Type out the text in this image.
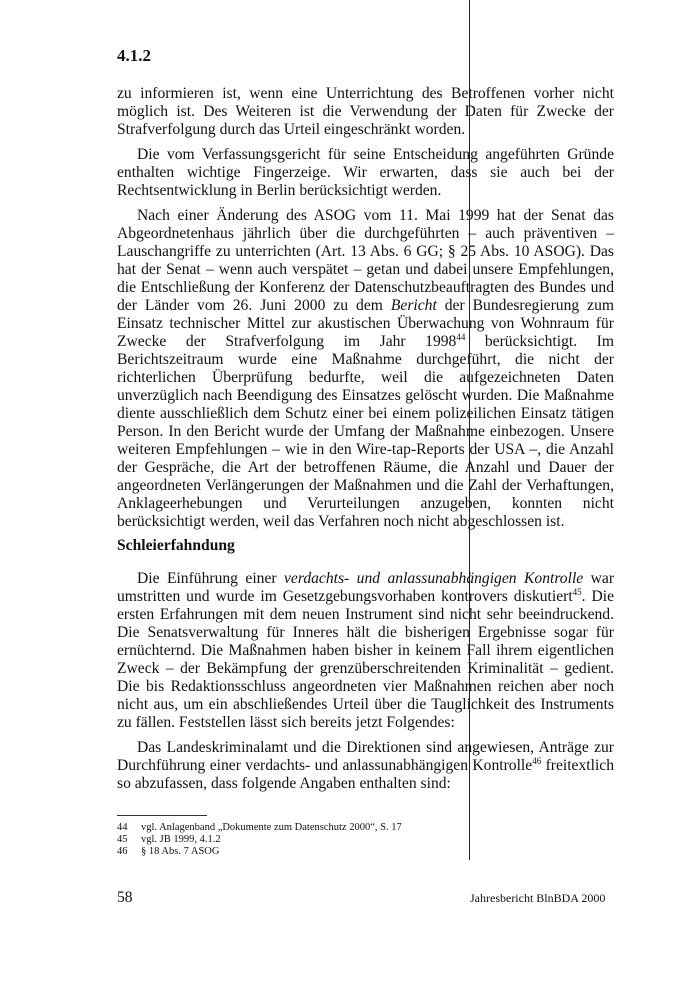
4.1.2

zu informieren ist, wenn eine Unterrichtung des Betroffenen vorher nicht möglich ist. Des Weiteren ist die Verwendung der Daten für Zwecke der Strafverfolgung durch das Urteil eingeschränkt worden.

Die vom Verfassungsgericht für seine Entscheidung angeführten Gründe enthalten wichtige Fingerzeige. Wir erwarten, dass sie auch bei der Rechtsentwicklung in Berlin berücksichtigt werden.

Nach einer Änderung des ASOG vom 11. Mai 1999 hat der Senat das Abgeordnetenhaus jährlich über die durchgeführten – auch präventiven – Lauschangriffe zu unterrichten (Art. 13 Abs. 6 GG; § 25 Abs. 10 ASOG). Das hat der Senat – wenn auch verspätet – getan und dabei unsere Empfehlungen, die Entschließung der Konferenz der Datenschutzbeauftragten des Bundes und der Länder vom 26. Juni 2000 zu dem Bericht der Bundesregierung zum Einsatz technischer Mittel zur akustischen Überwachung von Wohnraum für Zwecke der Strafverfolgung im Jahr 1998$^{44}$ berücksichtigt. Im Berichtszeitraum wurde eine Maßnahme durchgeführt, die nicht der richterlichen Überprüfung bedurfte, weil die aufgezeichneten Daten unverzüglich nach Beendigung des Einsatzes gelöscht wurden. Die Maßnahme diente ausschließlich dem Schutz einer bei einem polizeilichen Einsatz tätigen Person. In den Bericht wurde der Umfang der Maßnahme einbezogen. Unsere weiteren Empfehlungen – wie in den Wire-tap-Reports der USA –, die Anzahl der Gespräche, die Art der betroffenen Räume, die Anzahl und Dauer der angeordneten Verlängerungen der Maßnahmen und die Zahl der Verhaftungen, Anklageerhebungen und Verurteilungen anzugeben, konnten nicht berücksichtigt werden, weil das Verfahren noch nicht abgeschlossen ist.

Schleierfahndung

Die Einführung einer verdachts- und anlassunabhängigen Kontrolle war umstritten und wurde im Gesetzgebungsvorhaben kontrovers diskutiert$^{45}$. Die ersten Erfahrungen mit dem neuen Instrument sind nicht sehr beeindruckend. Die Senatsverwaltung für Inneres hält die bisherigen Ergebnisse sogar für ernüchternd. Die Maßnahmen haben bisher in keinem Fall ihrem eigentlichen Zweck – der Bekämpfung der grenzüberschreitenden Kriminalität – gedient. Die bis Redaktionsschluss angeordneten vier Maßnahmen reichen aber noch nicht aus, um ein abschließendes Urteil über die Tauglichkeit des Instruments zu fällen. Feststellen lässt sich bereits jetzt Folgendes:

Das Landeskriminalamt und die Direktionen sind angewiesen, Anträge zur Durchführung einer verdachts- und anlassunabhängigen Kontrolle$^{46}$ freitextlich so abzufassen, dass folgende Angaben enthalten sind:

44	vgl. Anlagenband „Dokumente zum Datenschutz 2000“, S. 17
45	vgl. JB 1999, 4.1.2
46	§ 18 Abs. 7 ASOG
58	Jahresbericht BlnBDA 2000
